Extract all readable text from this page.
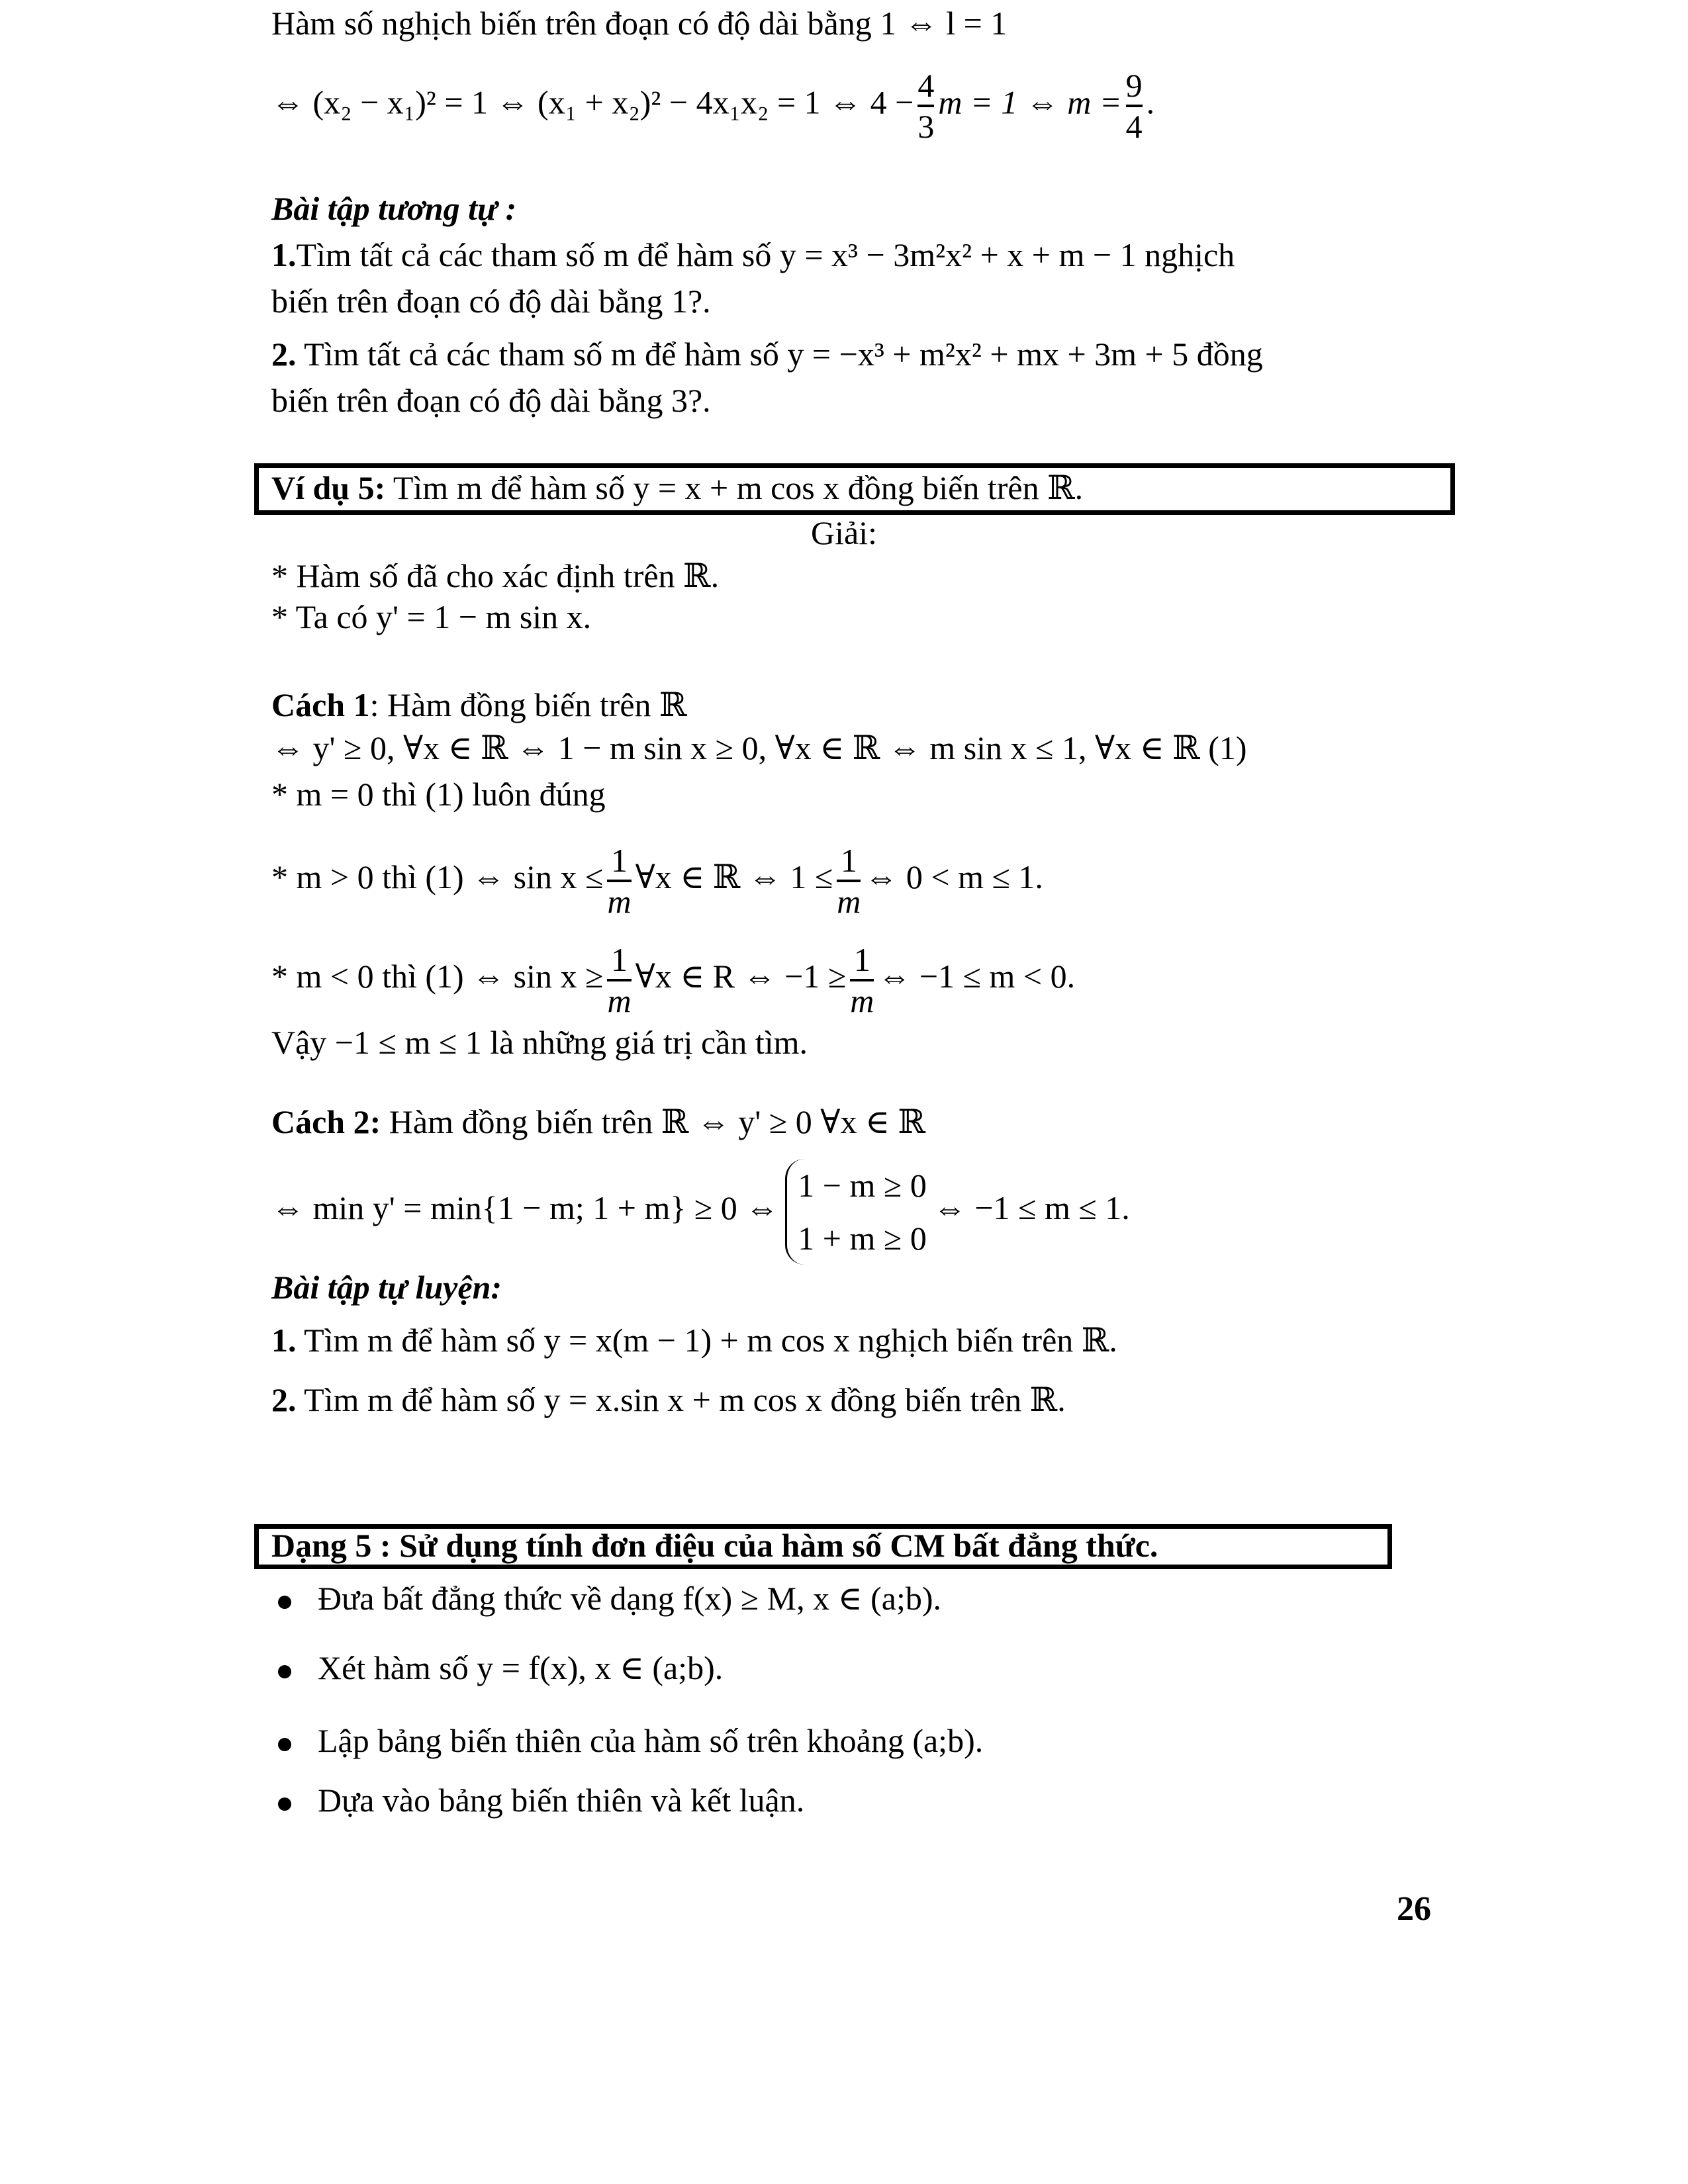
Hàm số nghịch biến trên đoạn có độ dài bằng 1 ⇔ l = 1
⇔ (x₂ − x₁)² = 1 ⇔ (x₁ + x₂)² − 4x₁x₂ = 1 ⇔ $4 - \frac{4}{3}$ m = 1 ⇔ $m = \frac{9}{4}$ .
Bài tập tương tự :
1.Tìm tất cả các tham số m để hàm số y = x³ − 3m²x² + x + m − 1 nghịch
biến trên đoạn có độ dài bằng 1?.
2. Tìm tất cả các tham số m để hàm số y = −x³ + m²x² + mx + 3m + 5 đồng
biến trên đoạn có độ dài bằng 3?.
Ví dụ 5: Tìm m để hàm số y = x + m cos x đồng biến trên ℝ.
Giải:
* Hàm số đã cho xác định trên ℝ.
* Ta có y' = 1 − m sin x.
Cách 1: Hàm đồng biến trên ℝ
⇔ y' ≥ 0, ∀x ∈ ℝ ⇔ 1 − m sin x ≥ 0, ∀x ∈ ℝ ⇔ m sin x ≤ 1, ∀x ∈ ℝ (1)
* m = 0 thì (1) luôn đúng
* m > 0 thì (1) ⇔ $\sin x \le \frac{1}{m}$ ∀x ∈ ℝ ⇔ $1 \le \frac{1}{m}$ ⇔ 0 < m ≤ 1.
* m < 0 thì (1) ⇔ $\sin x \ge \frac{1}{m}$ ∀x ∈ R ⇔ $-1 \ge \frac{1}{m}$ ⇔ −1 ≤ m < 0.
Vậy −1 ≤ m ≤ 1 là những giá trị cần tìm.
Cách 2: Hàm đồng biến trên ℝ ⇔ y' ≥ 0 ∀x ∈ ℝ
⇔ min y' = min{1 − m; 1 + m} ≥ 0 ⇔
1 − m ≥ 0
1 + m ≥ 0
⇔ −1 ≤ m ≤ 1.
Bài tập tự luyện:
1. Tìm m để hàm số y = x(m − 1) + m cos x nghịch biến trên ℝ.
2. Tìm m để hàm số y = x.sin x + m cos x đồng biến trên ℝ.
Dạng 5 : Sử dụng tính đơn điệu của hàm số CM bất đẳng thức.
Đưa bất đẳng thức về dạng f(x) ≥ M, x ∈ (a;b).
Xét hàm số y = f(x), x ∈ (a;b).
Lập bảng biến thiên của hàm số trên khoảng (a;b).
Dựa vào bảng biến thiên và kết luận.
26
